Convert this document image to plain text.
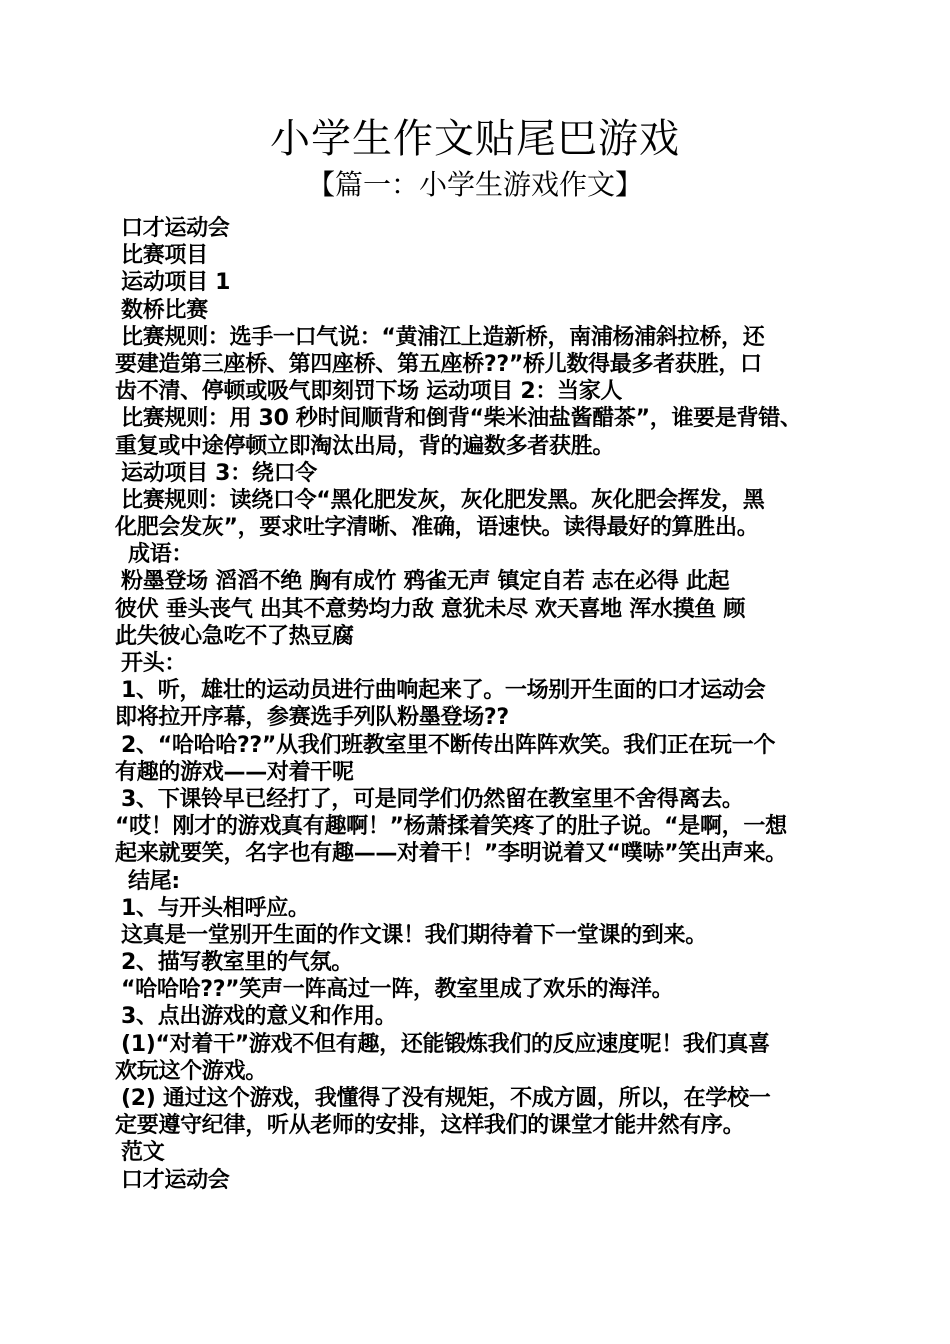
小学生作文贴尾巴游戏
【篇一：小学生游戏作文】
口才运动会
比赛项目
运动项目 1
数桥比赛
比赛规则：选手一口气说：“黄浦江上造新桥，南浦杨浦斜拉桥，还
要建造第三座桥、第四座桥、第五座桥??”桥儿数得最多者获胜，口
齿不清、停顿或吸气即刻罚下场 运动项目 2：当家人
比赛规则：用 30 秒时间顺背和倒背“柴米油盐酱醋茶”，谁要是背错、
重复或中途停顿立即淘汰出局，背的遍数多者获胜。
运动项目 3：绕口令
比赛规则：读绕口令“黑化肥发灰，灰化肥发黑。灰化肥会挥发，黑
化肥会发灰”，要求吐字清晰、准确，语速快。读得最好的算胜出。
成语：
粉墨登场 滔滔不绝 胸有成竹 鸦雀无声 镇定自若 志在必得 此起
彼伏 垂头丧气 出其不意势均力敌 意犹未尽 欢天喜地 浑水摸鱼 顾
此失彼心急吃不了热豆腐
开头：
1、听，雄壮的运动员进行曲响起来了。一场别开生面的口才运动会
即将拉开序幕，参赛选手列队粉墨登场??
2、“哈哈哈??”从我们班教室里不断传出阵阵欢笑。我们正在玩一个
有趣的游戏——对着干呢
3、下课铃早已经打了，可是同学们仍然留在教室里不舍得离去。
“哎！刚才的游戏真有趣啊！”杨萧揉着笑疼了的肚子说。“是啊，一想
起来就要笑，名字也有趣——对着干！”李明说着又“噗哧”笑出声来。
结尾:
1、与开头相呼应。
这真是一堂别开生面的作文课！我们期待着下一堂课的到来。
2、描写教室里的气氛。
“哈哈哈??”笑声一阵高过一阵，教室里成了欢乐的海洋。
3、点出游戏的意义和作用。
(1)“对着干”游戏不但有趣，还能锻炼我们的反应速度呢！我们真喜
欢玩这个游戏。
(2) 通过这个游戏，我懂得了没有规矩，不成方圆，所以，在学校一
定要遵守纪律，听从老师的安排，这样我们的课堂才能井然有序。
范文
口才运动会
